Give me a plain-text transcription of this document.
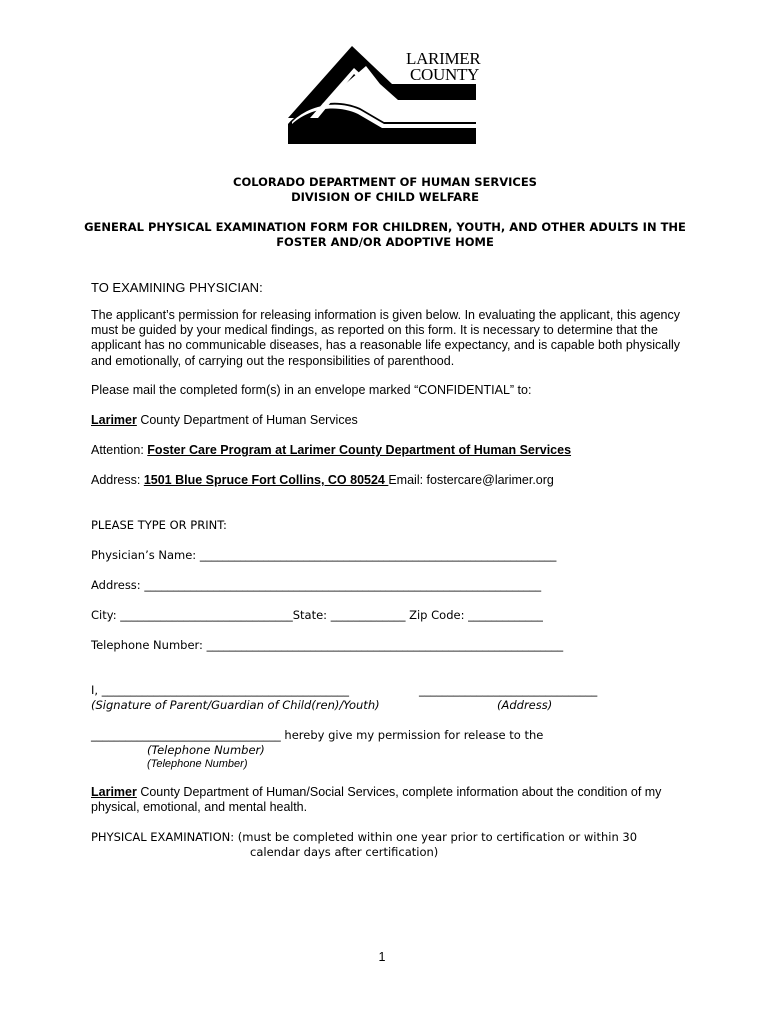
LARIMER
COUNTY
COLORADO DEPARTMENT OF HUMAN SERVICES
DIVISION OF CHILD WELFARE
GENERAL PHYSICAL EXAMINATION FORM FOR CHILDREN, YOUTH, AND OTHER ADULTS IN THE
FOSTER AND/OR ADOPTIVE HOME
TO EXAMINING PHYSICIAN:
The applicant’s permission for releasing information is given below. In evaluating the applicant, this agency must be guided by your medical findings, as reported on this form. It is necessary to determine that the applicant has no communicable diseases, has a reasonable life expectancy, and is capable both physically and emotionally, of carrying out the responsibilities of parenthood.
Please mail the completed form(s) in an envelope marked “CONFIDENTIAL” to:
Larimer County Department of Human Services
Attention: Foster Care Program at Larimer County Department of Human Services
Address: 1501 Blue Spruce Fort Collins, CO 80524 Email: fostercare@larimer.org
PLEASE TYPE OR PRINT:
Physician’s Name: ______________________________________________________________
Address: _____________________________________________________________________
City: ______________________________State: _____________ Zip Code: _____________
Telephone Number: ______________________________________________________________
I, ___________________________________________	_______________________________
(Signature of Parent/Guardian of Child(ren)/Youth)	(Address)
_________________________________ hereby give my permission for release to the
(Telephone Number)
(Telephone Number)
Larimer County Department of Human/Social Services, complete information about the condition of my physical, emotional, and mental health.
PHYSICAL EXAMINATION: (must be completed within one year prior to certification or within 30
calendar days after certification)
1
